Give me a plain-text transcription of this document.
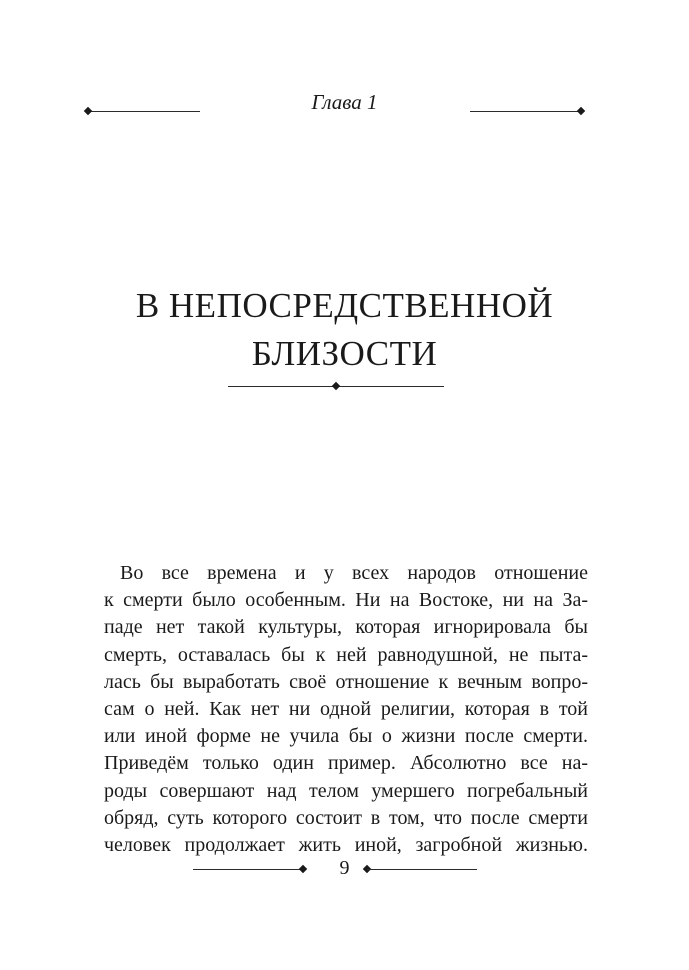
Глава 1
В НЕПОСРЕДСТВЕННОЙ
БЛИЗОСТИ
Во все времена и у всех народов отношение
к смерти было особенным. Ни на Востоке, ни на За-
паде нет такой культуры, которая игнорировала бы
смерть, оставалась бы к ней равнодушной, не пыта-
лась бы выработать своё отношение к вечным вопро-
сам о ней. Как нет ни одной религии, которая в той
или иной форме не учила бы о жизни после смерти.
Приведём только один пример. Абсолютно все на-
роды совершают над телом умершего погребальный
обряд, суть которого состоит в том, что после смерти
человек продолжает жить иной, загробной жизнью.
9
